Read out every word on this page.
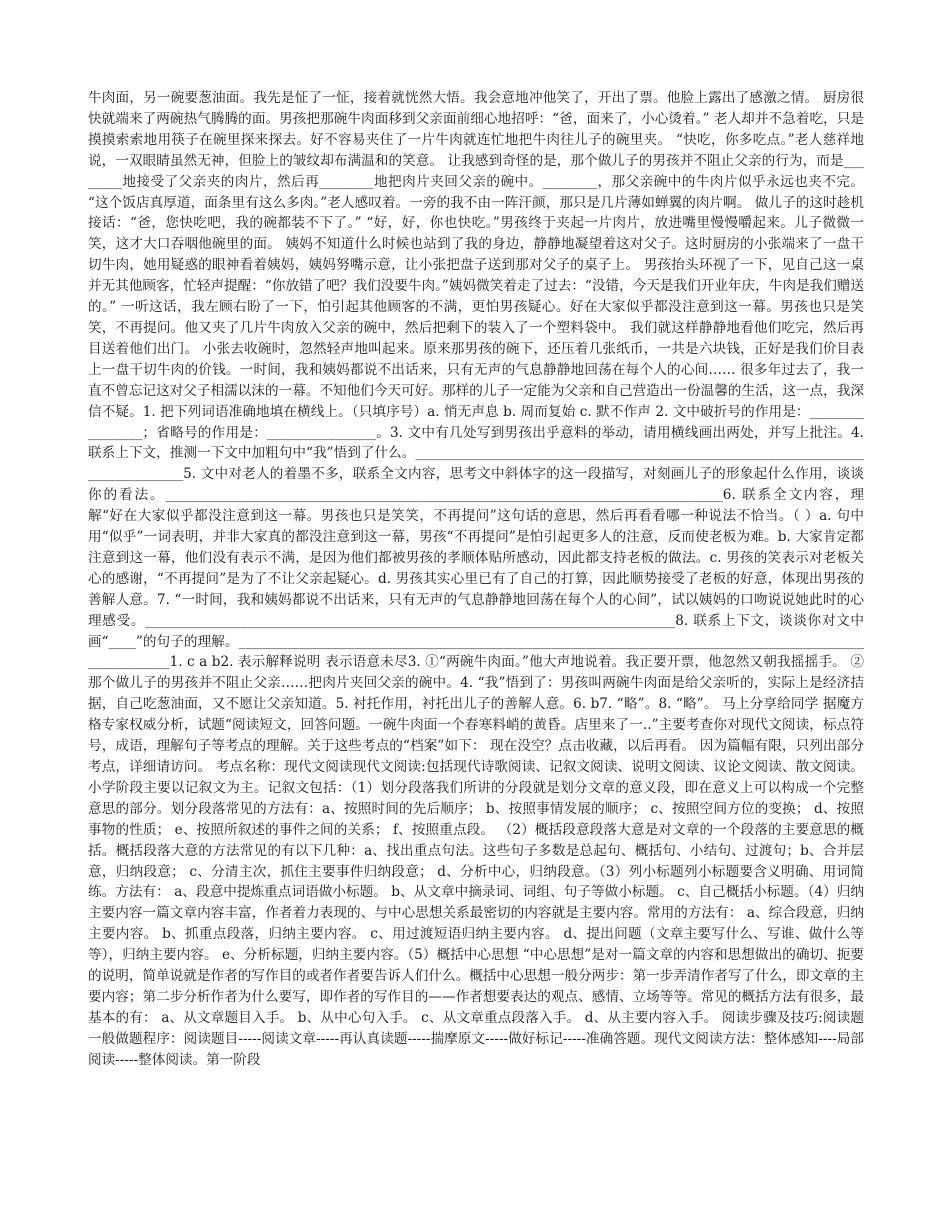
牛肉面，另一碗要葱油面。我先是怔了一怔，接着就恍然大悟。我会意地冲他笑了，开出了票。他脸上露出了感激之情。 厨房很快就端来了两碗热气腾腾的面。男孩把那碗牛肉面移到父亲面前细心地招呼：“爸，面来了，小心烫着。” 老人却并不急着吃，只是摸摸索索地用筷子在碗里探来探去。好不容易夹住了一片牛肉就连忙地把牛肉往儿子的碗里夹。 “快吃，你多吃点。”老人慈祥地说，一双眼睛虽然无神，但脸上的皱纹却布满温和的笑意。 让我感到奇怪的是，那个做儿子的男孩并不阻止父亲的行为，而是________地接受了父亲夹的肉片，然后再________地把肉片夹回父亲的碗中。________，那父亲碗中的牛肉片似乎永远也夹不完。 “这个饭店真厚道，面条里有这么多肉。”老人感叹着。一旁的我不由一阵汗颜，那只是几片薄如蝉翼的肉片啊。 做儿子的这时趁机接话：“爸，您快吃吧，我的碗都装不下了。” “好，好，你也快吃。”男孩终于夹起一片肉片，放进嘴里慢慢嚼起来。儿子微微一笑，这才大口吞咽他碗里的面。 姨妈不知道什么时候也站到了我的身边，静静地凝望着这对父子。这时厨房的小张端来了一盘干切牛肉，她用疑惑的眼神看着姨妈，姨妈努嘴示意，让小张把盘子送到那对父子的桌子上。 男孩抬头环视了一下，见自己这一桌并无其他顾客，忙轻声提醒：“你放错了吧？我们没要牛肉。”姨妈微笑着走了过去：“没错，今天是我们开业年庆，牛肉是我们赠送的。” 一听这话，我左顾右盼了一下，怕引起其他顾客的不满，更怕男孩疑心。好在大家似乎都没注意到这一幕。男孩也只是笑笑，不再提问。他又夹了几片牛肉放入父亲的碗中，然后把剩下的装入了一个塑料袋中。 我们就这样静静地看他们吃完，然后再目送着他们出门。 小张去收碗时，忽然轻声地叫起来。原来那男孩的碗下，还压着几张纸币，一共是六块钱，正好是我们价目表上一盘干切牛肉的价钱。一时间，我和姨妈都说不出话来，只有无声的气息静静地回荡在每个人的心间…… 很多年过去了，我一直不曾忘记这对父子相濡以沫的一幕。不知他们今天可好。那样的儿子一定能为父亲和自己营造出一份温馨的生活，这一点，我深信不疑。1. 把下列词语准确地填在横线上。（只填序号）a. 悄无声息 b. 周而复始 c. 默不作声 2. 文中破折号的作用是：________________；省略号的作用是：________________。3. 文中有几处写到男孩出乎意料的举动，请用横线画出两处，并写上批注。4. 联系上下文，推测一下文中加粗句中“我”悟到了什么。________________________________________________________________________________5. 文中对老人的着墨不多，联系全文内容，思考文中斜体字的这一段描写，对刻画儿子的形象起什么作用，谈谈你的看法。__________________________________________________________________________________6. 联系全文内容，理解“好在大家似乎都没注意到这一幕。男孩也只是笑笑，不再提问”这句话的意思，然后再看看哪一种说法不恰当。（ ）a. 句中用“似乎”一词表明，并非大家真的都没注意到这一幕，男孩“不再提问”是怕引起更多人的注意，反而使老板为难。b. 大家肯定都注意到这一幕，他们没有表示不满，是因为他们都被男孩的孝顺体贴所感动，因此都支持老板的做法。c. 男孩的笑表示对老板关心的感谢，“不再提问”是为了不让父亲起疑心。d. 男孩其实心里已有了自己的打算，因此顺势接受了老板的好意，体现出男孩的善解人意。7. “一时间，我和姨妈都说不出话来，只有无声的气息静静地回荡在每个人的心间”，试以姨妈的口吻说说她此时的心理感受。______________________________________________________________________________8. 联系上下文，谈谈你对文中画“____”的句子的理解。________________________________________________________________________________________________________1. c a b2. 表示解释说明 表示语意未尽3. ①“两碗牛肉面。”他大声地说着。我正要开票，他忽然又朝我摇摇手。 ②那个做儿子的男孩并不阻止父亲……把肉片夹回父亲的碗中。4. “我”悟到了：男孩叫两碗牛肉面是给父亲听的，实际上是经济拮据，自己吃葱油面，又不愿让父亲知道。5. 衬托作用，衬托出儿子的善解人意。6. b7. “略”。8. “略”。 马上分享给同学 据魔方格专家权威分析，试题“阅读短文，回答问题。一碗牛肉面一个春寒料峭的黄昏。店里来了一..”主要考查你对现代文阅读，标点符号，成语，理解句子等考点的理解。关于这些考点的“档案”如下： 现在没空？点击收藏，以后再看。 因为篇幅有限，只列出部分考点，详细请访问。 考点名称：现代文阅读现代文阅读:包括现代诗歌阅读、记叙文阅读、说明文阅读、议论文阅读、散文阅读。小学阶段主要以记叙文为主。记叙文包括：（1）划分段落我们所讲的分段就是划分文章的意义段，即在意义上可以构成一个完整意思的部分。划分段落常见的方法有：a、按照时间的先后顺序； b、按照事情发展的顺序； c、按照空间方位的变换； d、按照事物的性质； e、按照所叙述的事件之间的关系； f、按照重点段。 （2）概括段意段落大意是对文章的一个段落的主要意思的概括。概括段落大意的方法常见的有以下几种：a、找出重点句法。这些句子多数是总起句、概括句、小结句、过渡句；b、合并层意，归纳段意； c、分清主次，抓住主要事件归纳段意； d、分析中心，归纳段意。（3）列小标题列小标题要含义明确、用词简练。方法有： a、段意中提炼重点词语做小标题。 b、从文章中摘录词、词组、句子等做小标题。 c、自己概括小标题。（4）归纳主要内容一篇文章内容丰富，作者着力表现的、与中心思想关系最密切的内容就是主要内容。常用的方法有： a、综合段意，归纳主要内容。 b、抓重点段落，归纳主要内容。 c、用过渡短语归纳主要内容。 d、提出问题（文章主要写什么、写谁、做什么等等），归纳主要内容。 e、分析标题，归纳主要内容。（5）概括中心思想 “中心思想”是对一篇文章的内容和思想做出的确切、扼要的说明，简单说就是作者的写作目的或者作者要告诉人们什么。概括中心思想一般分两步：第一步弄清作者写了什么，即文章的主要内容；第二步分析作者为什么要写，即作者的写作目的——作者想要表达的观点、感情、立场等等。常见的概括方法有很多，最基本的有： a、从文章题目入手。 b、从中心句入手。 c、从文章重点段落入手。 d、从主要内容入手。 阅读步骤及技巧:阅读题一般做题程序：阅读题目-----阅读文章-----再认真读题-----揣摩原文-----做好标记-----准确答题。现代文阅读方法：整体感知----局部阅读-----整体阅读。第一阶段
